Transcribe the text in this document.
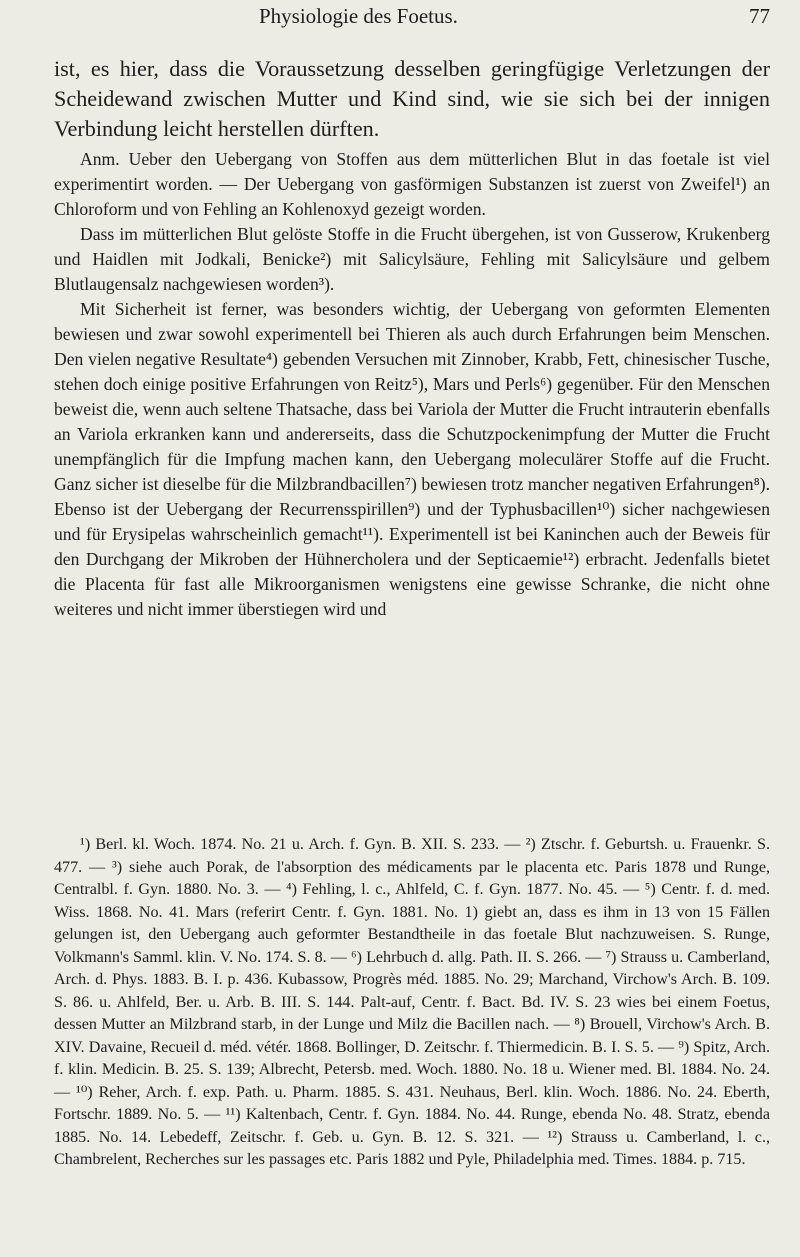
Physiologie des Foetus.	77

ist, es hier, dass die Voraussetzung desselben geringfügige Verletzungen der Scheidewand zwischen Mutter und Kind sind, wie sie sich bei der innigen Verbindung leicht herstellen dürften.

Anm. Ueber den Uebergang von Stoffen aus dem mütterlichen Blut in das foetale ist viel experimentirt worden. — Der Uebergang von gasförmigen Substanzen ist zuerst von Zweifel¹) an Chloroform und von Fehling an Kohlenoxyd gezeigt worden.

Dass im mütterlichen Blut gelöste Stoffe in die Frucht übergehen, ist von Gusserow, Krukenberg und Haidlen mit Jodkali, Benicke²) mit Salicylsäure, Fehling mit Salicylsäure und gelbem Blutlaugensalz nachgewiesen worden³).

Mit Sicherheit ist ferner, was besonders wichtig, der Uebergang von geformten Elementen bewiesen und zwar sowohl experimentell bei Thieren als auch durch Erfahrungen beim Menschen. Den vielen negative Resultate⁴) gebenden Versuchen mit Zinnober, Krabb, Fett, chinesischer Tusche, stehen doch einige positive Erfahrungen von Reitz⁵), Mars und Perls⁶) gegenüber. Für den Menschen beweist die, wenn auch seltene Thatsache, dass bei Variola der Mutter die Frucht intrauterin ebenfalls an Variola erkranken kann und andererseits, dass die Schutzpockenimpfung der Mutter die Frucht unempfänglich für die Impfung machen kann, den Uebergang moleculärer Stoffe auf die Frucht. Ganz sicher ist dieselbe für die Milzbrandbacillen⁷) bewiesen trotz mancher negativen Erfahrungen⁸). Ebenso ist der Uebergang der Recurrensspirillen⁹) und der Typhusbacillen¹⁰) sicher nachgewiesen und für Erysipelas wahrscheinlich gemacht¹¹). Experimentell ist bei Kaninchen auch der Beweis für den Durchgang der Mikroben der Hühnercholera und der Septicaemie¹²) erbracht. Jedenfalls bietet die Placenta für fast alle Mikroorganismen wenigstens eine gewisse Schranke, die nicht ohne weiteres und nicht immer überstiegen wird und

¹) Berl. kl. Woch. 1874. No. 21 u. Arch. f. Gyn. B. XII. S. 233. — ²) Ztschr. f. Geburtsh. u. Frauenkr. S. 477. — ³) siehe auch Porak, de l'absorption des médicaments par le placenta etc. Paris 1878 und Runge, Centralbl. f. Gyn. 1880. No. 3. — ⁴) Fehling, l. c., Ahlfeld, C. f. Gyn. 1877. No. 45. — ⁵) Centr. f. d. med. Wiss. 1868. No. 41. Mars (referirt Centr. f. Gyn. 1881. No. 1) giebt an, dass es ihm in 13 von 15 Fällen gelungen ist, den Uebergang auch geformter Bestandtheile in das foetale Blut nachzuweisen. S. Runge, Volkmann's Samml. klin. V. No. 174. S. 8. — ⁶) Lehrbuch d. allg. Path. II. S. 266. — ⁷) Strauss u. Camberland, Arch. d. Phys. 1883. B. I. p. 436. Kubassow, Progrès méd. 1885. No. 29; Marchand, Virchow's Arch. B. 109. S. 86. u. Ahlfeld, Ber. u. Arb. B. III. S. 144. Palt-auf, Centr. f. Bact. Bd. IV. S. 23 wies bei einem Foetus, dessen Mutter an Milzbrand starb, in der Lunge und Milz die Bacillen nach. — ⁸) Brouell, Virchow's Arch. B. XIV. Davaine, Recueil d. méd. vétér. 1868. Bollinger, D. Zeitschr. f. Thiermedicin. B. I. S. 5. — ⁹) Spitz, Arch. f. klin. Medicin. B. 25. S. 139; Albrecht, Petersb. med. Woch. 1880. No. 18 u. Wiener med. Bl. 1884. No. 24. — ¹⁰) Reher, Arch. f. exp. Path. u. Pharm. 1885. S. 431. Neuhaus, Berl. klin. Woch. 1886. No. 24. Eberth, Fortschr. 1889. No. 5. — ¹¹) Kaltenbach, Centr. f. Gyn. 1884. No. 44. Runge, ebenda No. 48. Stratz, ebenda 1885. No. 14. Lebedeff, Zeitschr. f. Geb. u. Gyn. B. 12. S. 321. — ¹²) Strauss u. Camberland, l. c., Chambrelent, Recherches sur les passages etc. Paris 1882 und Pyle, Philadelphia med. Times. 1884. p. 715.
